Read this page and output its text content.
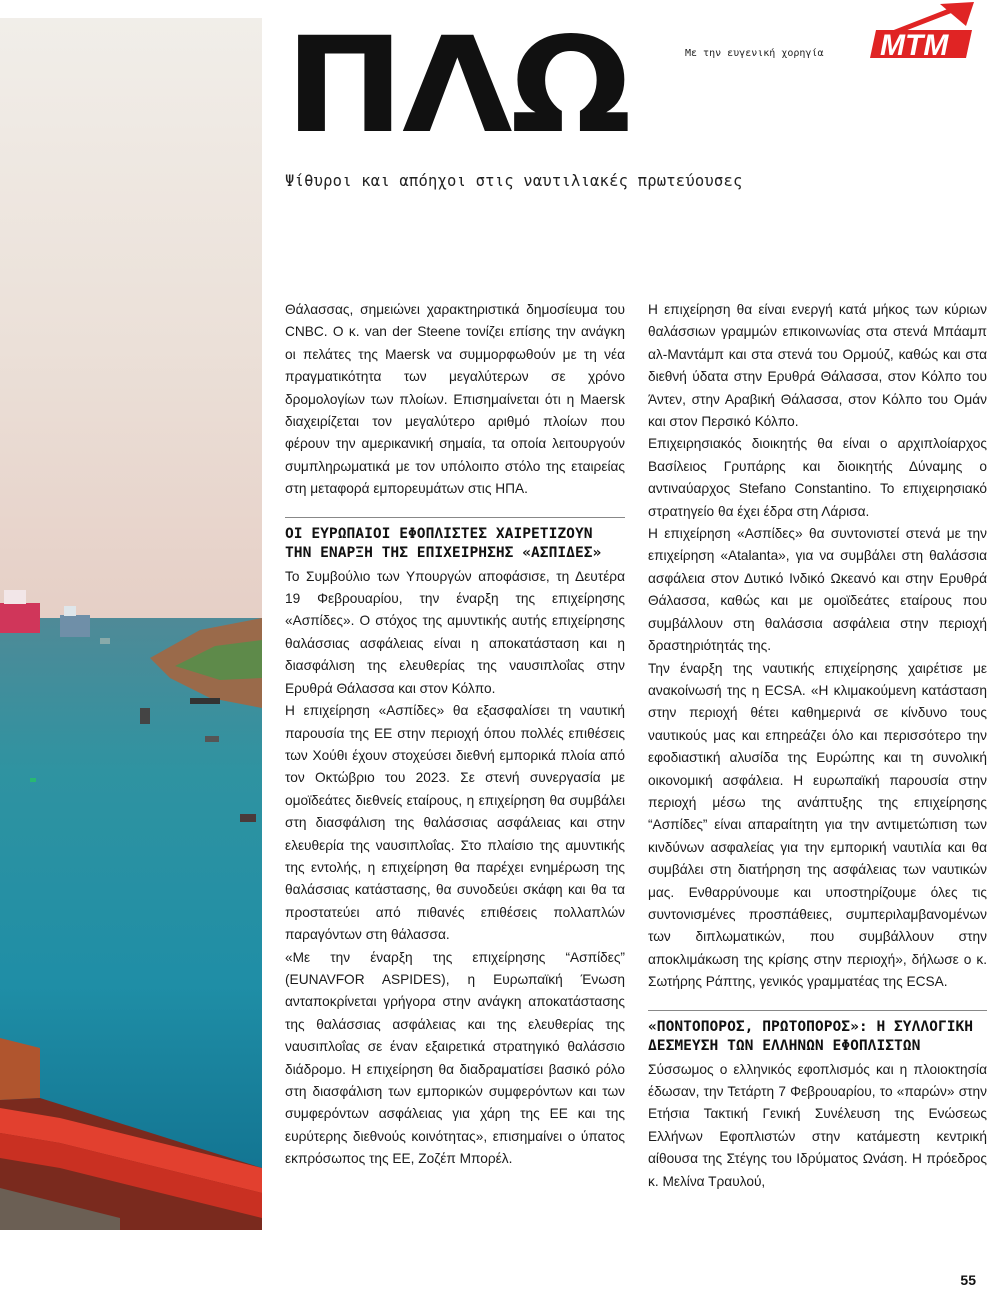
ΠΛΩ
Ψίθυροι και απόηχοι στις ναυτιλιακές πρωτεύουσες
Με την ευγενική χορηγία MTM

Θάλασσας, σημειώνει χαρακτηριστικά δημοσίευμα του CNBC. Ο κ. van der Steene τονίζει επίσης την ανάγκη οι πελάτες της Maersk να συμμορφωθούν με τη νέα πραγματικότητα των μεγαλύτερων σε χρόνο δρομολογίων των πλοίων. Επισημαίνεται ότι η Maersk διαχειρίζεται τον μεγαλύτερο αριθμό πλοίων που φέρουν την αμερικανική σημαία, τα οποία λειτουργούν συμπληρωματικά με τον υπόλοιπο στόλο της εταιρείας στη μεταφορά εμπορευμάτων στις ΗΠΑ.

ΟΙ ΕΥΡΩΠΑΙΟΙ ΕΦΟΠΛΙΣΤΕΣ ΧΑΙΡΕΤΙΖΟΥΝ ΤΗΝ ΕΝΑΡΞΗ ΤΗΣ ΕΠΙΧΕΙΡΗΣΗΣ «ΑΣΠΙΔΕΣ»

Το Συμβούλιο των Υπουργών αποφάσισε, τη Δευτέρα 19 Φεβρουαρίου, την έναρξη της επιχείρησης «Ασπίδες». Ο στόχος της αμυντικής αυτής επιχείρησης θαλάσσιας ασφάλειας είναι η αποκατάσταση και η διασφάλιση της ελευθερίας της ναυσιπλοΐας στην Ερυθρά Θάλασσα και στον Κόλπο.

Η επιχείρηση «Ασπίδες» θα εξασφαλίσει τη ναυτική παρουσία της ΕΕ στην περιοχή όπου πολλές επιθέσεις των Χούθι έχουν στοχεύσει διεθνή εμπορικά πλοία από τον Οκτώβριο του 2023. Σε στενή συνεργασία με ομοϊδεάτες διεθνείς εταίρους, η επιχείρηση θα συμβάλει στη διασφάλιση της θαλάσσιας ασφάλειας και στην ελευθερία της ναυσιπλοΐας. Στο πλαίσιο της αμυντικής της εντολής, η επιχείρηση θα παρέχει ενημέρωση της θαλάσσιας κατάστασης, θα συνοδεύει σκάφη και θα τα προστατεύει από πιθανές επιθέσεις πολλαπλών παραγόντων στη θάλασσα.

«Με την έναρξη της επιχείρησης “Ασπίδες” (EUNAVFOR ASPIDES), η Ευρωπαϊκή Ένωση ανταποκρίνεται γρήγορα στην ανάγκη αποκατάστασης της θαλάσσιας ασφάλειας και της ελευθερίας της ναυσιπλοΐας σε έναν εξαιρετικά στρατηγικό θαλάσσιο διάδρομο. Η επιχείρηση θα διαδραματίσει βασικό ρόλο στη διασφάλιση των εμπορικών συμφερόντων και των συμφερόντων ασφάλειας για χάρη της ΕΕ και της ευρύτερης διεθνούς κοινότητας», επισημαίνει ο ύπατος εκπρόσωπος της ΕΕ, Ζοζέπ Μπορέλ.

Η επιχείρηση θα είναι ενεργή κατά μήκος των κύριων θαλάσσιων γραμμών επικοινωνίας στα στενά Μπάαμπ αλ-Μαντάμπ και στα στενά του Ορμούζ, καθώς και στα διεθνή ύδατα στην Ερυθρά Θάλασσα, στον Κόλπο του Άντεν, στην Αραβική Θάλασσα, στον Κόλπο του Ομάν και στον Περσικό Κόλπο.

Επιχειρησιακός διοικητής θα είναι ο αρχιπλοίαρχος Βασίλειος Γρυπάρης και διοικητής Δύναμης ο αντιναύαρχος Stefano Constantino. Το επιχειρησιακό στρατηγείο θα έχει έδρα στη Λάρισα.

Η επιχείρηση «Ασπίδες» θα συντονιστεί στενά με την επιχείρηση «Atalanta», για να συμβάλει στη θαλάσσια ασφάλεια στον Δυτικό Ινδικό Ωκεανό και στην Ερυθρά Θάλασσα, καθώς και με ομοϊδεάτες εταίρους που συμβάλλουν στη θαλάσσια ασφάλεια στην περιοχή δραστηριότητάς της.

Την έναρξη της ναυτικής επιχείρησης χαιρέτισε με ανακοίνωσή της η ECSA. «Η κλιμακούμενη κατάσταση στην περιοχή θέτει καθημερινά σε κίνδυνο τους ναυτικούς μας και επηρεάζει όλο και περισσότερο την εφοδιαστική αλυσίδα της Ευρώπης και τη συνολική οικονομική ασφάλεια. Η ευρωπαϊκή παρουσία στην περιοχή μέσω της ανάπτυξης της επιχείρησης “Ασπίδες” είναι απαραίτητη για την αντιμετώπιση των κινδύνων ασφαλείας για την εμπορική ναυτιλία και θα συμβάλει στη διατήρηση της ασφάλειας των ναυτικών μας. Ενθαρρύνουμε και υποστηρίζουμε όλες τις συντονισμένες προσπάθειες, συμπεριλαμβανομένων των διπλωματικών, που συμβάλλουν στην αποκλιμάκωση της κρίσης στην περιοχή», δήλωσε ο κ. Σωτήρης Ράπτης, γενικός γραμματέας της ECSA.

«ΠΟΝΤΟΠΟΡΟΣ, ΠΡΩΤΟΠΟΡΟΣ»: Η ΣΥΛΛΟΓΙΚΗ ΔΕΣΜΕΥΣΗ ΤΩΝ ΕΛΛΗΝΩΝ ΕΦΟΠΛΙΣΤΩΝ

Σύσσωμος ο ελληνικός εφοπλισμός και η πλοιοκτησία έδωσαν, την Τετάρτη 7 Φεβρουαρίου, το «παρών» στην Ετήσια Τακτική Γενική Συνέλευση της Ενώσεως Ελλήνων Εφοπλιστών στην κατάμεστη κεντρική αίθουσα της Στέγης του Ιδρύματος Ωνάση. Η πρόεδρος κ. Μελίνα Τραυλού,

55
